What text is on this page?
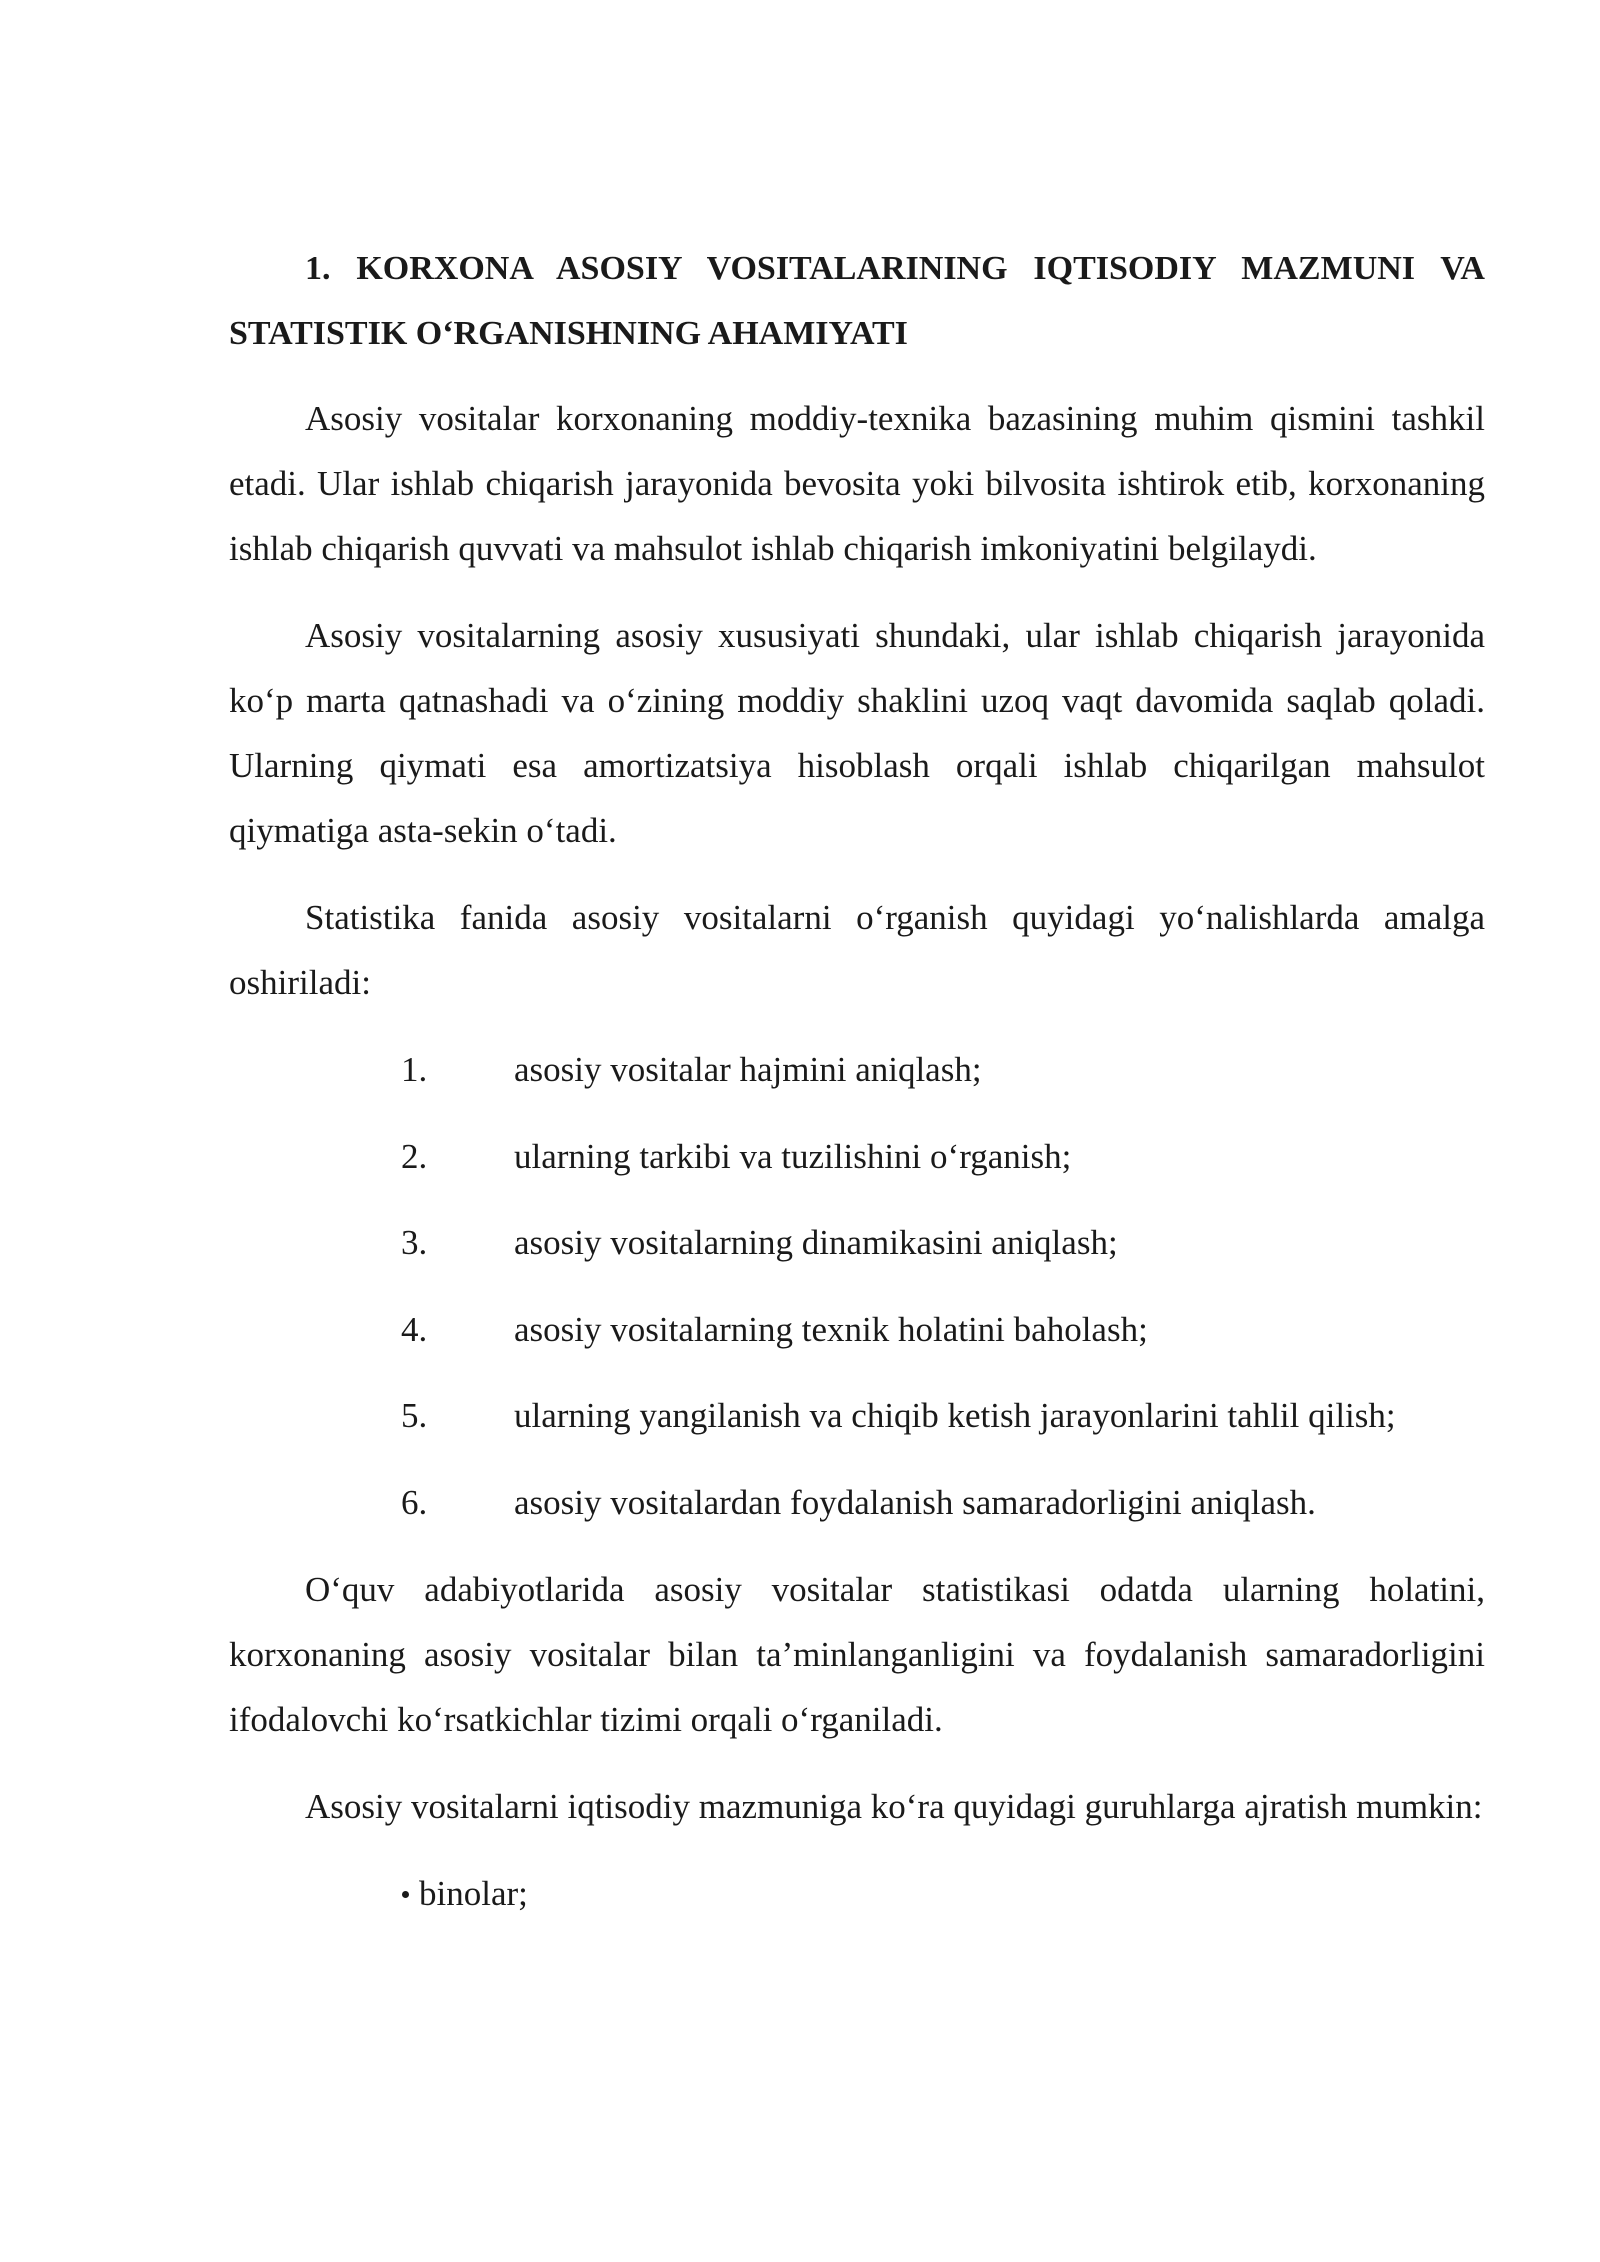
1. KORXONA ASOSIY VOSITALARINING IQTISODIY MAZMUNI VA STATISTIK O‘RGANISHNING AHAMIYATI

Asosiy vositalar korxonaning moddiy-texnika bazasining muhim qismini tashkil etadi. Ular ishlab chiqarish jarayonida bevosita yoki bilvosita ishtirok etib, korxonaning ishlab chiqarish quvvati va mahsulot ishlab chiqarish imkoniyatini belgilaydi.

Asosiy vositalarning asosiy xususiyati shundaki, ular ishlab chiqarish jarayonida ko‘p marta qatnashadi va o‘zining moddiy shaklini uzoq vaqt davomida saqlab qoladi. Ularning qiymati esa amortizatsiya hisoblash orqali ishlab chiqarilgan mahsulot qiymatiga asta-sekin o‘tadi.

Statistika fanida asosiy vositalarni o‘rganish quyidagi yo‘nalishlarda amalga oshiriladi:

1. asosiy vositalar hajmini aniqlash;
2. ularning tarkibi va tuzilishini o‘rganish;
3. asosiy vositalarning dinamikasini aniqlash;
4. asosiy vositalarning texnik holatini baholash;
5. ularning yangilanish va chiqib ketish jarayonlarini tahlil qilish;
6. asosiy vositalardan foydalanish samaradorligini aniqlash.

O‘quv adabiyotlarida asosiy vositalar statistikasi odatda ularning holatini, korxonaning asosiy vositalar bilan ta’minlanganligini va foydalanish samaradorligini ifodalovchi ko‘rsatkichlar tizimi orqali o‘rganiladi.

Asosiy vositalarni iqtisodiy mazmuniga ko‘ra quyidagi guruhlarga ajratish mumkin:

binolar;
